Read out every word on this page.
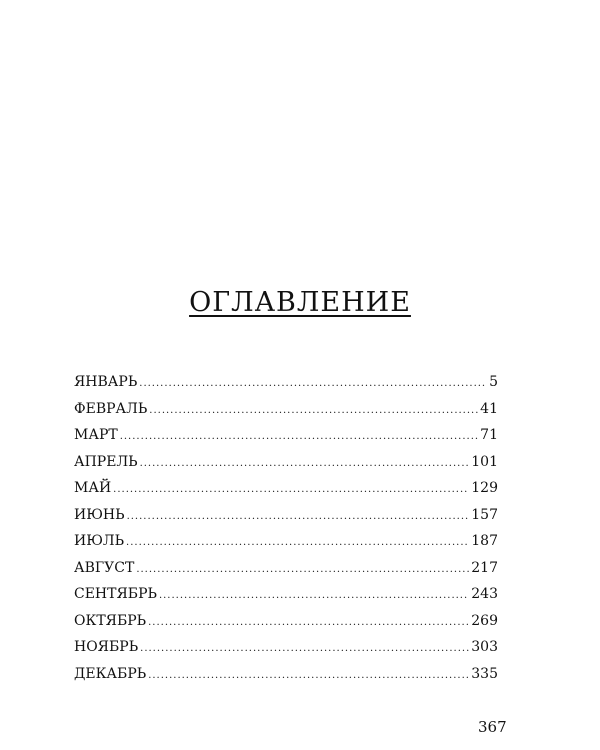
ОГЛАВЛЕНИЕ
ЯНВАРЬ .....	5
ФЕВРАЛЬ .....	41
МАРТ .....	71
АПРЕЛЬ .....	101
МАЙ .....	129
ИЮНЬ .....	157
ИЮЛЬ .....	187
АВГУСТ .....	217
СЕНТЯБРЬ .....	243
ОКТЯБРЬ .....	269
НОЯБРЬ .....	303
ДЕКАБРЬ .....	335
367
